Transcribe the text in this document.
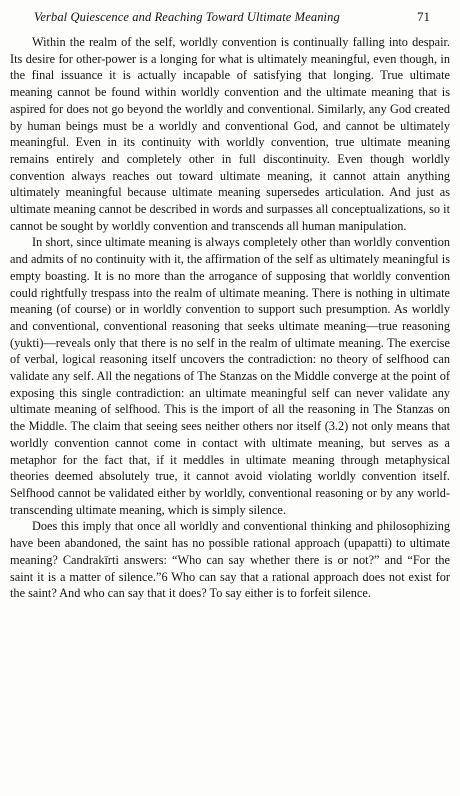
Verbal Quiescence and Reaching Toward Ultimate Meaning	71

Within the realm of the self, worldly convention is continually falling into despair. Its desire for other-power is a longing for what is ultimately meaningful, even though, in the final issuance it is actually incapable of satisfying that longing. True ultimate meaning cannot be found within worldly convention and the ultimate meaning that is aspired for does not go beyond the worldly and conventional. Similarly, any God created by human beings must be a worldly and conventional God, and cannot be ultimately meaningful. Even in its continuity with worldly convention, true ultimate meaning remains entirely and completely other in full discontinuity. Even though worldly convention always reaches out toward ultimate meaning, it cannot attain anything ultimately meaningful because ultimate meaning supersedes articulation. And just as ultimate meaning cannot be described in words and surpasses all conceptualizations, so it cannot be sought by worldly convention and transcends all human manipulation.

In short, since ultimate meaning is always completely other than worldly convention and admits of no continuity with it, the affirmation of the self as ultimately meaningful is empty boasting. It is no more than the arrogance of supposing that worldly convention could rightfully trespass into the realm of ultimate meaning. There is nothing in ultimate meaning (of course) or in worldly convention to support such presumption. As worldly and conventional, conventional reasoning that seeks ultimate meaning—true reasoning (yukti)—reveals only that there is no self in the realm of ultimate meaning. The exercise of verbal, logical reasoning itself uncovers the contradiction: no theory of selfhood can validate any self. All the negations of The Stanzas on the Middle converge at the point of exposing this single contradiction: an ultimate meaningful self can never validate any ultimate meaning of selfhood. This is the import of all the reasoning in The Stanzas on the Middle. The claim that seeing sees neither others nor itself (3.2) not only means that worldly convention cannot come in contact with ultimate meaning, but serves as a metaphor for the fact that, if it meddles in ultimate meaning through metaphysical theories deemed absolutely true, it cannot avoid violating worldly convention itself. Selfhood cannot be validated either by worldly, conventional reasoning or by any world-transcending ultimate meaning, which is simply silence.

Does this imply that once all worldly and conventional thinking and philosophizing have been abandoned, the saint has no possible rational approach (upapatti) to ultimate meaning? Candrakīrti answers: “Who can say whether there is or not?” and “For the saint it is a matter of silence.”6 Who can say that a rational approach does not exist for the saint? And who can say that it does? To say either is to forfeit silence.
